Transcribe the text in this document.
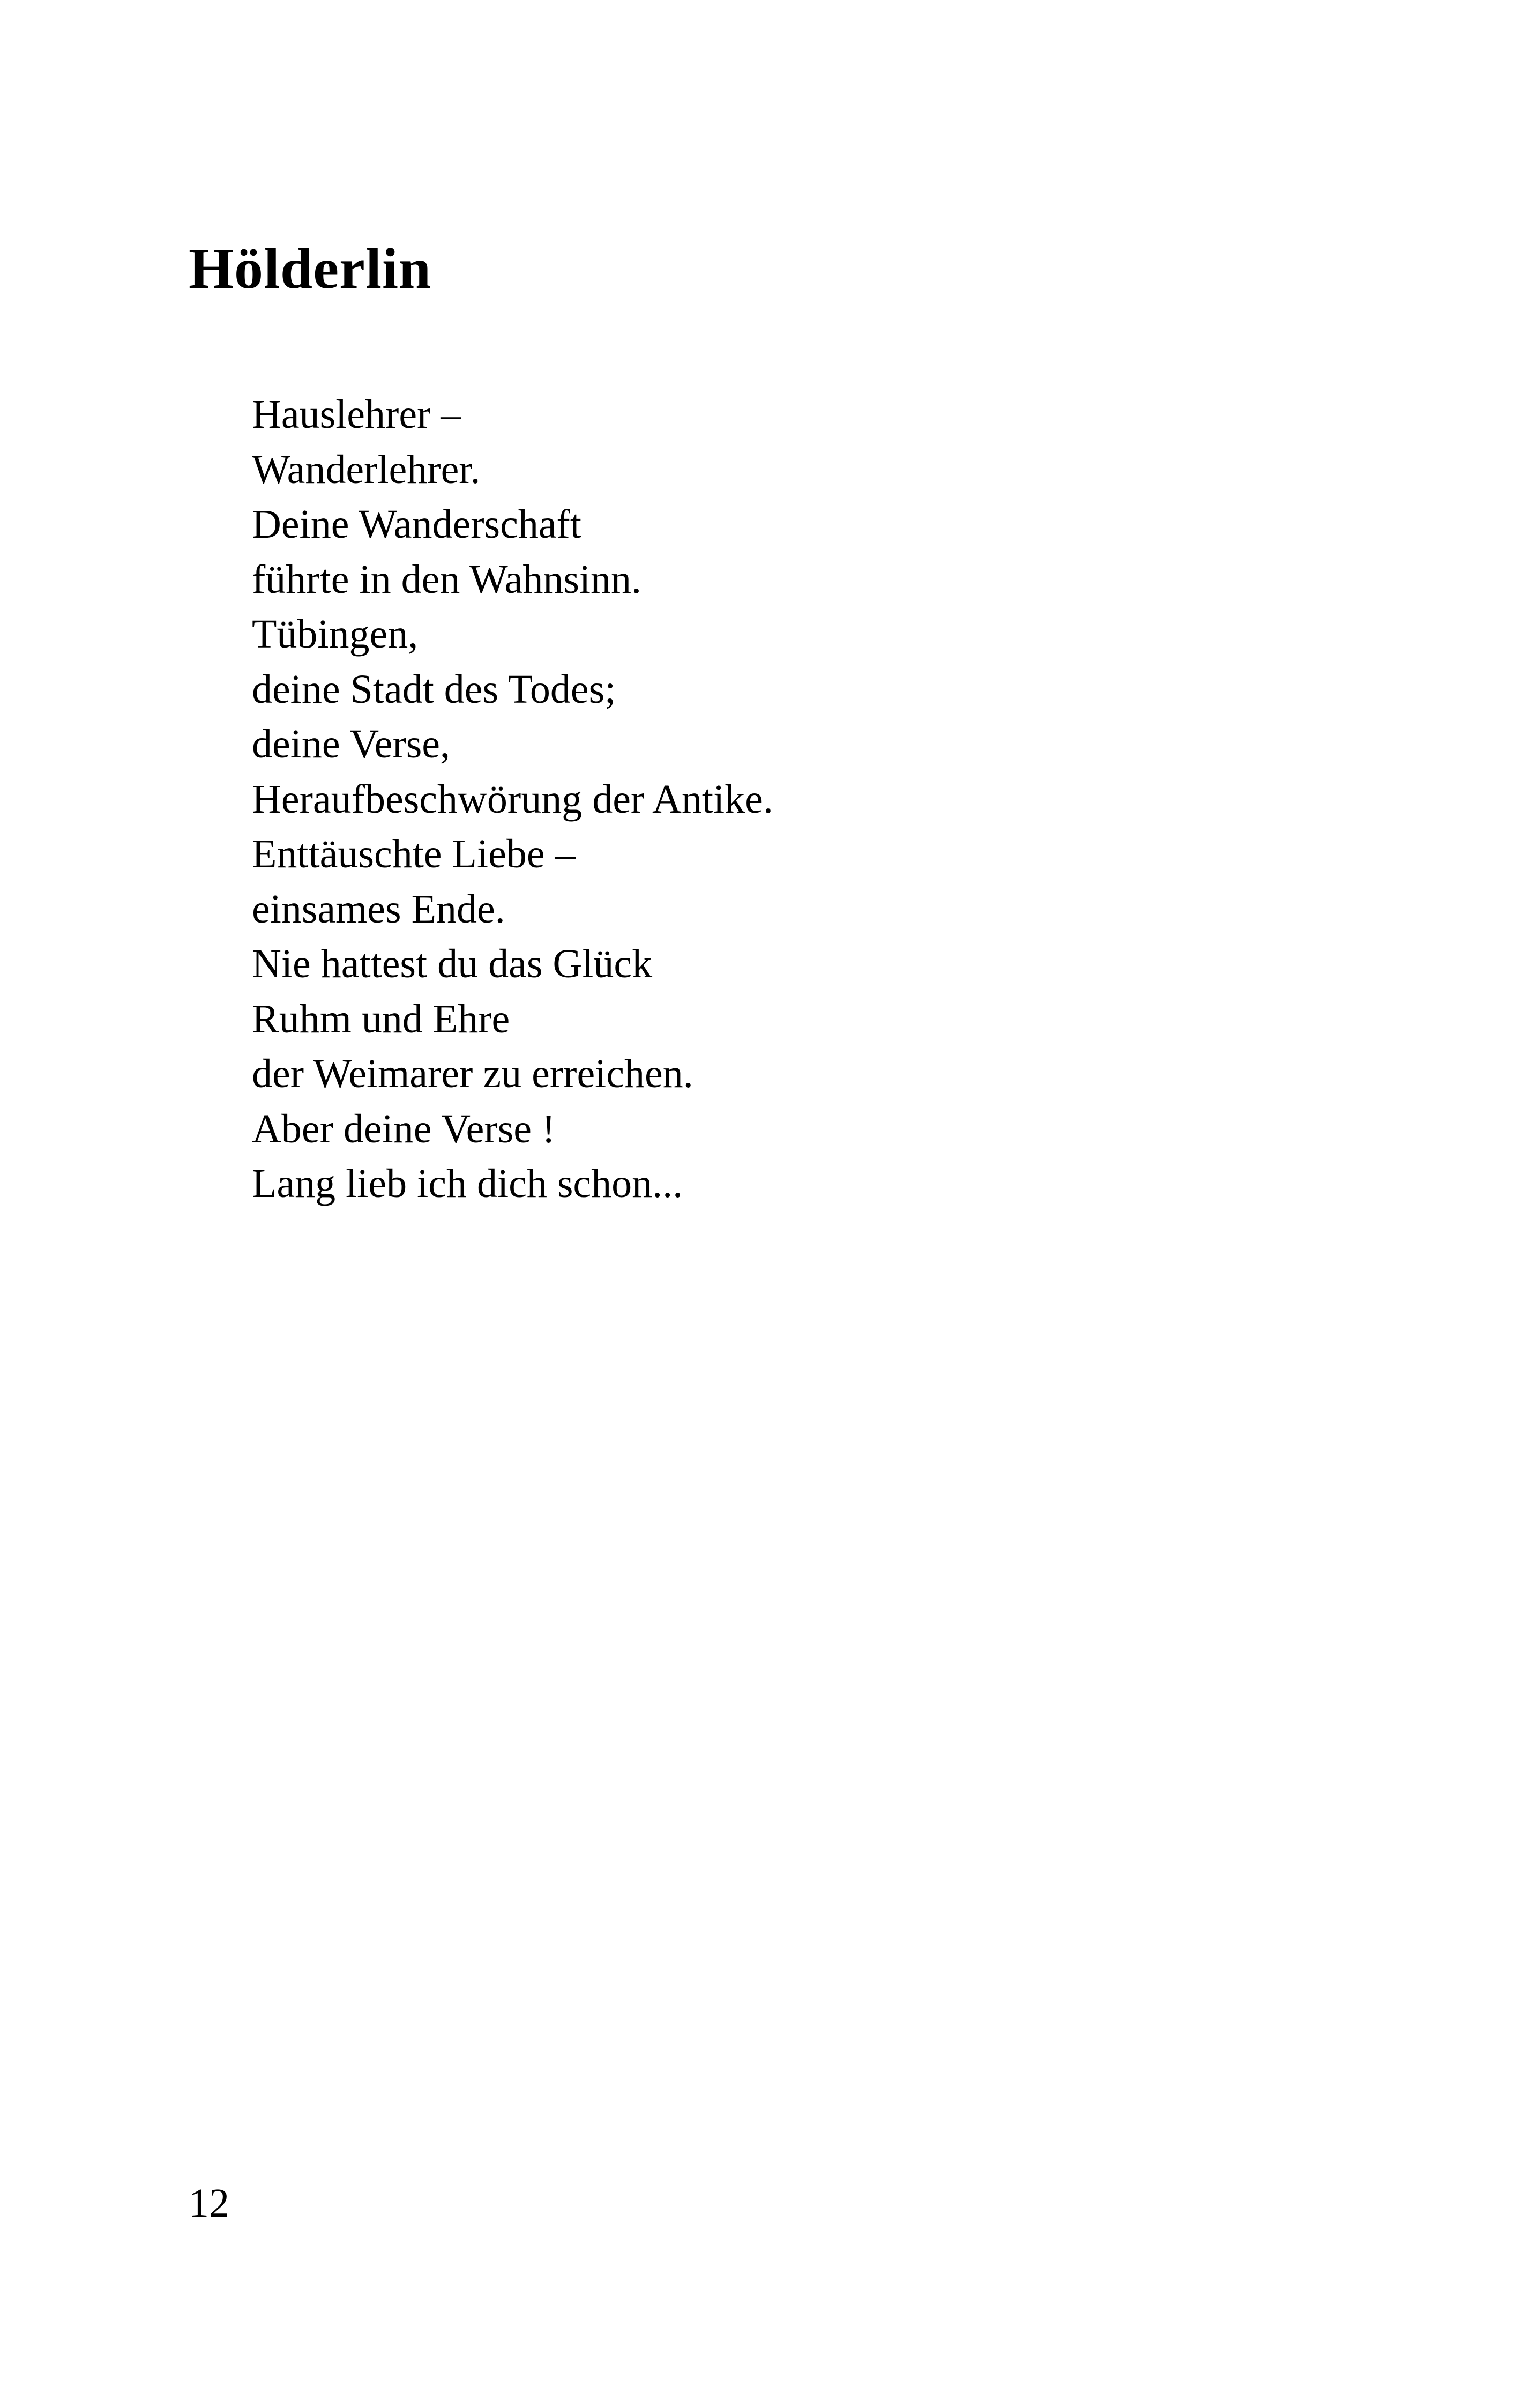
Hölderlin
Hauslehrer –
Wanderlehrer.
Deine Wanderschaft
führte in den Wahnsinn.
Tübingen,
deine Stadt des Todes;
deine Verse,
Heraufbeschwörung der Antike.
Enttäuschte Liebe –
einsames Ende.
Nie hattest du das Glück
Ruhm und Ehre
der Weimarer zu erreichen.
Aber deine Verse !
Lang lieb ich dich schon...

12
